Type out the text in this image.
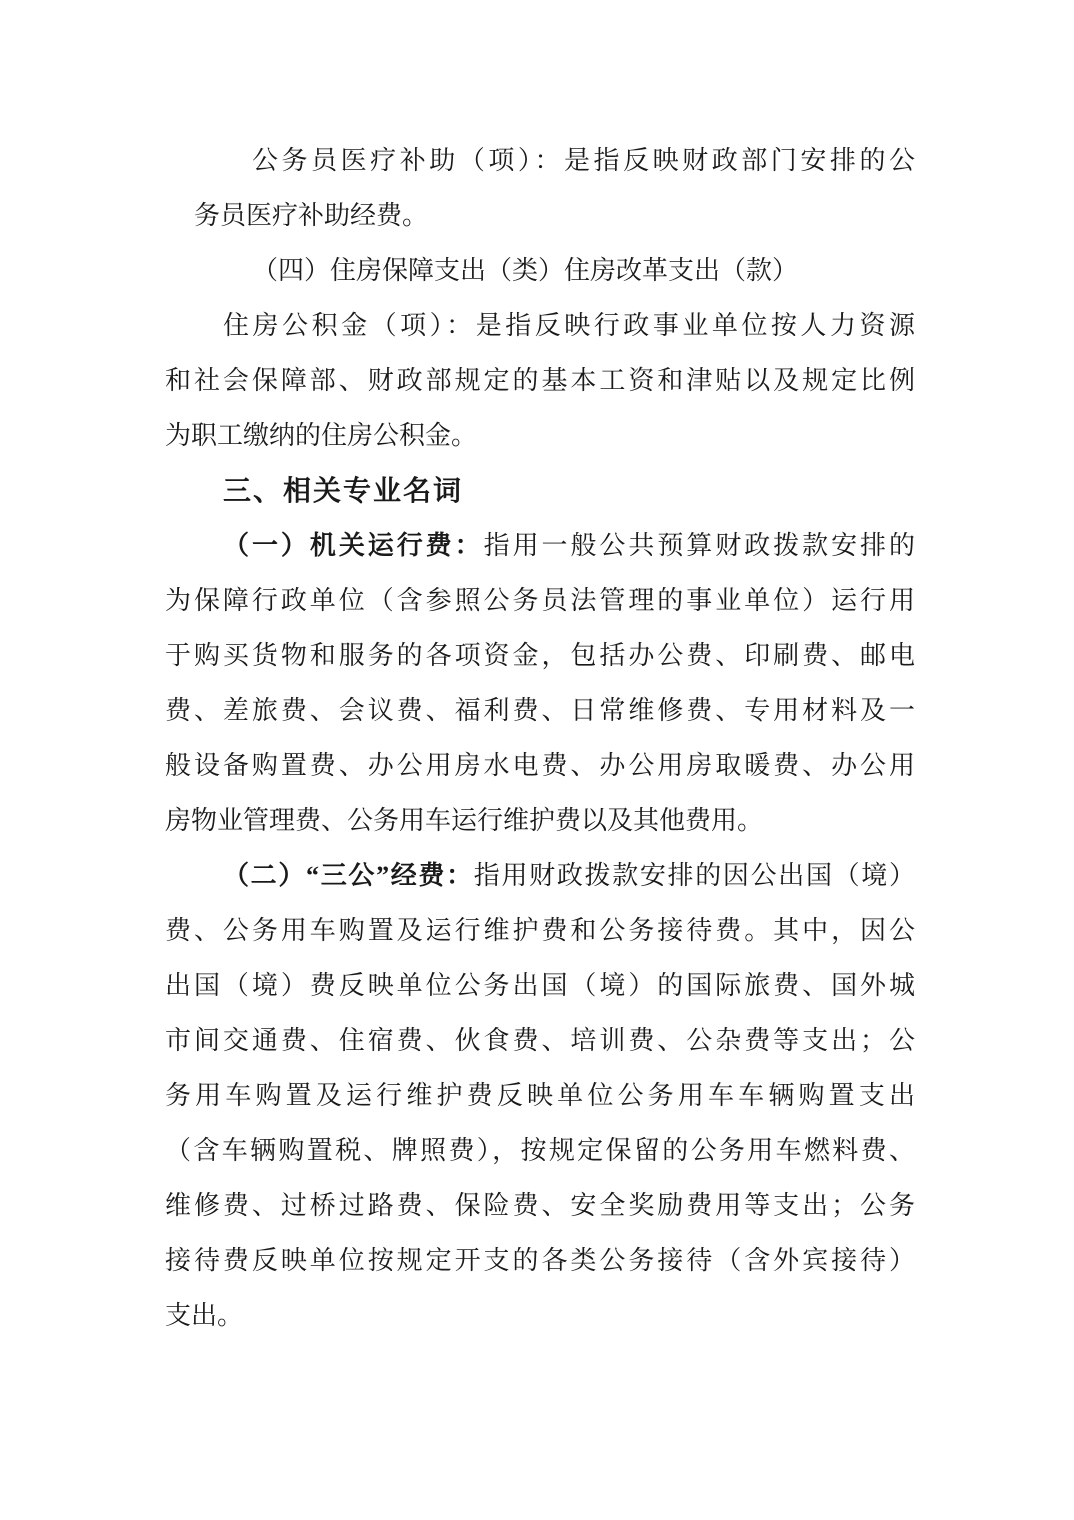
公务员医疗补助（项）：是指反映财政部门安排的公
务员医疗补助经费。
（四）住房保障支出（类）住房改革支出（款）
住房公积金（项）：是指反映行政事业单位按人力资源
和社会保障部、财政部规定的基本工资和津贴以及规定比例
为职工缴纳的住房公积金。
三、相关专业名词
（一）机关运行费：指用一般公共预算财政拨款安排的
为保障行政单位（含参照公务员法管理的事业单位）运行用
于购买货物和服务的各项资金，包括办公费、印刷费、邮电
费、差旅费、会议费、福利费、日常维修费、专用材料及一
般设备购置费、办公用房水电费、办公用房取暖费、办公用
房物业管理费、公务用车运行维护费以及其他费用。
（二）“三公”经费：指用财政拨款安排的因公出国（境）
费、公务用车购置及运行维护费和公务接待费。其中，因公
出国（境）费反映单位公务出国（境）的国际旅费、国外城
市间交通费、住宿费、伙食费、培训费、公杂费等支出；公
务用车购置及运行维护费反映单位公务用车车辆购置支出
（含车辆购置税、牌照费），按规定保留的公务用车燃料费、
维修费、过桥过路费、保险费、安全奖励费用等支出；公务
接待费反映单位按规定开支的各类公务接待（含外宾接待）
支出。
